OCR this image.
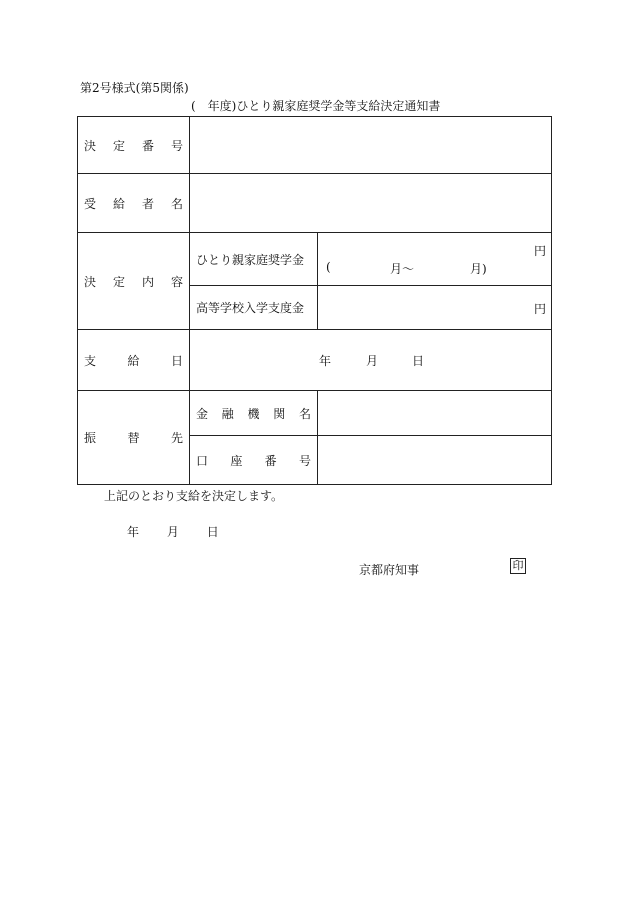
第2号様式(第5関係)
(　年度)ひとり親家庭奨学金等支給決定通知書
決 定 番 号		

受 給 者 名		

決 定 内 容	ひとり親家庭奨学金	円
( 月～ 月)

	高等学校入学支度金	円

支 給 日	年 月 日	

振 替 先	金 融 機 関 名	

	口 座 番 号	

上記のとおり支給を決定します。
年 月 日
京都府知事	印
